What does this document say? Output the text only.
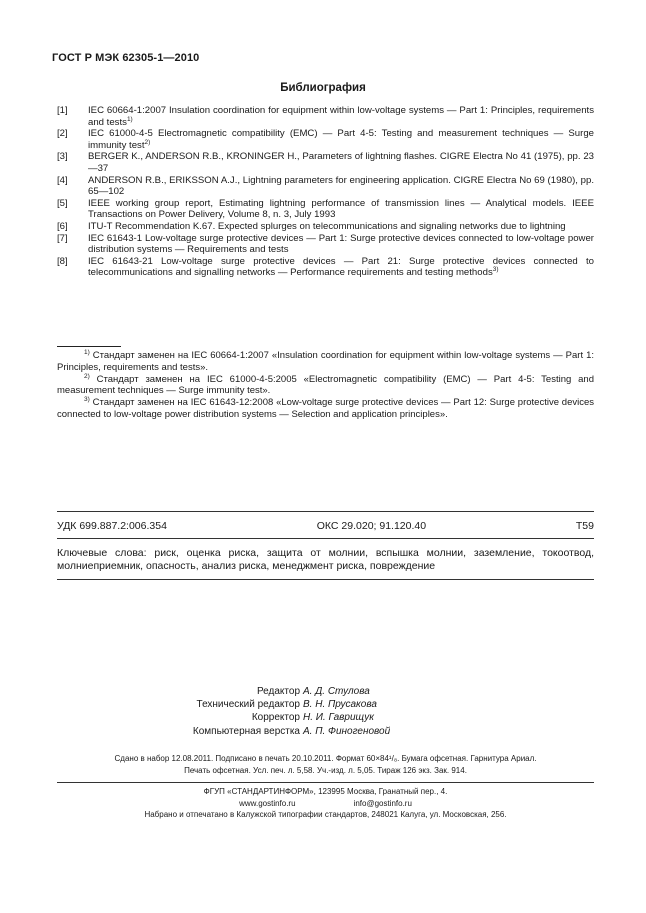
ГОСТ Р МЭК 62305-1—2010
Библиография
[1]	IEC 60664-1:2007 Insulation coordination for equipment within low-voltage systems — Part 1: Principles, requirements and tests$^{1)}$
[2]	IEC 61000-4-5 Electromagnetic compatibility (EMC) — Part 4-5: Testing and measurement techniques — Surge immunity test$^{2)}$
[3]	BERGER K., ANDERSON R.B., KRONINGER H., Parameters of lightning flashes. CIGRE Electra No 41 (1975), pp. 23—37
[4]	ANDERSON R.B., ERIKSSON A.J., Lightning parameters for engineering application. CIGRE Electra No 69 (1980), pp. 65—102
[5]	IEEE working group report, Estimating lightning performance of transmission lines — Analytical models. IEEE Transactions on Power Delivery, Volume 8, n. 3, July 1993
[6]	ITU-T Recommendation K.67. Expected splurges on telecommunications and signaling networks due to lightning
[7]	IEC 61643-1 Low-voltage surge protective devices — Part 1: Surge protective devices connected to low-voltage power distribution systems — Requirements and tests
[8]	IEC 61643-21 Low-voltage surge protective devices — Part 21: Surge protective devices connected to telecommunications and signalling networks — Performance requirements and testing methods$^{3)}$
$^{1)}$ Стандарт заменен на IEC 60664-1:2007 «Insulation coordination for equipment within low-voltage systems — Part 1: Principles, requirements and tests».
$^{2)}$ Стандарт заменен на IEC 61000-4-5:2005 «Electromagnetic compatibility (EMC) — Part 4-5: Testing and measurement techniques — Surge immunity test».
$^{3)}$ Стандарт заменен на IEC 61643-12:2008 «Low-voltage surge protective devices — Part 12: Surge protective devices connected to low-voltage power distribution systems — Selection and application principles».
УДК 699.887.2:006.354	ОКС 29.020; 91.120.40	Т59
Ключевые слова: риск, оценка риска, защита от молнии, вспышка молнии, заземление, токоотвод, молниеприемник, опасность, анализ риска, менеджмент риска, повреждение
Редактор А. Д. Стулова
Технический редактор В. Н. Прусакова
Корректор Н. И. Гаврищук
Компьютерная верстка А. П. Финогеновой
Сдано в набор 12.08.2011. Подписано в печать 20.10.2011. Формат 60×84¹/₈. Бумага офсетная. Гарнитура Ариал.
Печать офсетная. Усл. печ. л. 5,58. Уч.-изд. л. 5,05. Тираж 126 экз. Зак. 914.
ФГУП «СТАНДАРТИНФОРМ», 123995 Москва, Гранатный пер., 4.
www.gostinfo.ru	info@gostinfo.ru
Набрано и отпечатано в Калужской типографии стандартов, 248021 Калуга, ул. Московская, 256.
